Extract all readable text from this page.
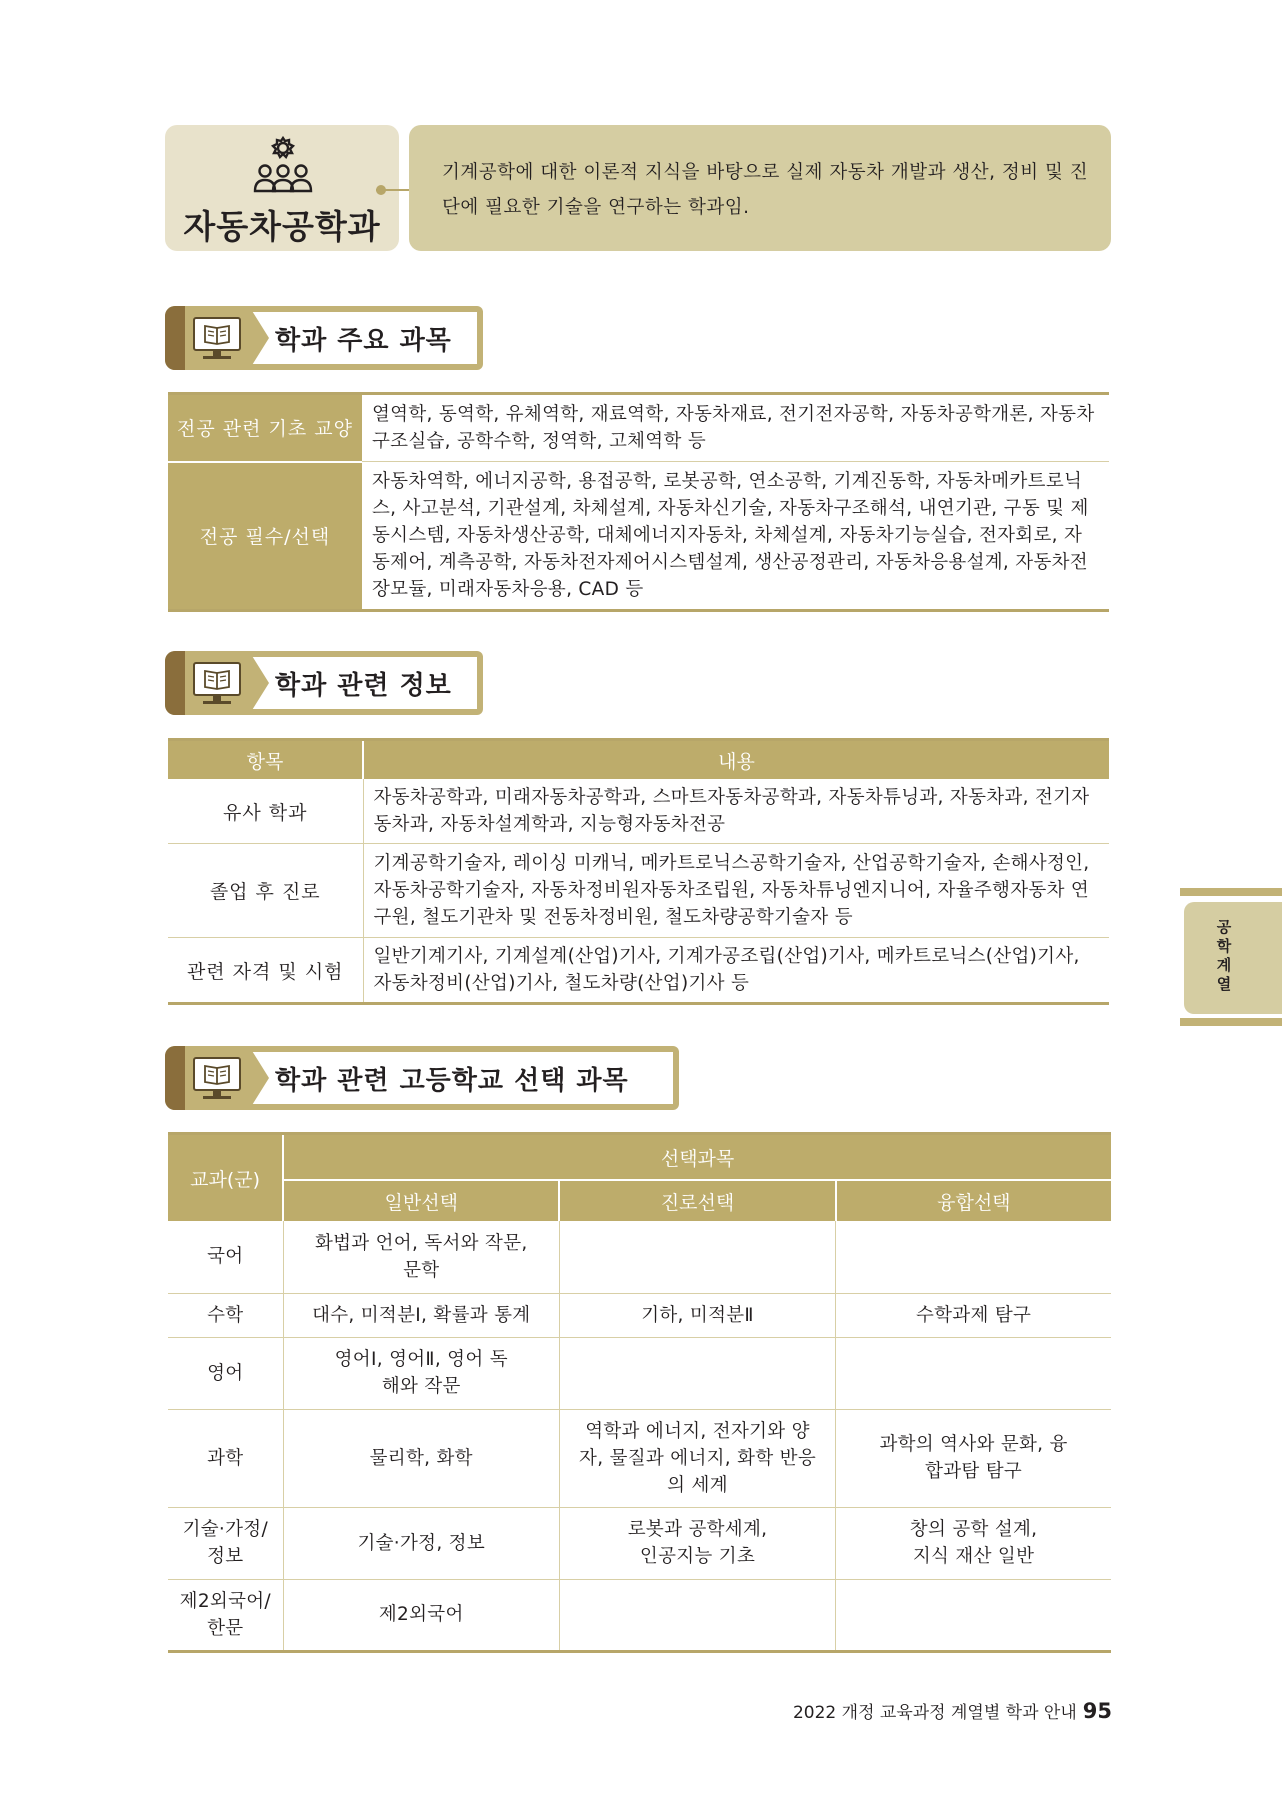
자동차공학과
기계공학에 대한 이론적 지식을 바탕으로 실제 자동차 개발과 생산, 정비 및 진단에 필요한 기술을 연구하는 학과임.
학과 주요 과목
전공 관련 기초 교양	열역학, 동역학, 유체역학, 재료역학, 자동차재료, 전기전자공학, 자동차공학개론, 자동차구조실습, 공학수학, 정역학, 고체역학 등
전공 필수/선택	자동차역학, 에너지공학, 용접공학, 로봇공학, 연소공학, 기계진동학, 자동차메카트로닉스, 사고분석, 기관설계, 차체설계, 자동차신기술, 자동차구조해석, 내연기관, 구동 및 제동시스템, 자동차생산공학, 대체에너지자동차, 차체설계, 자동차기능실습, 전자회로, 자동제어, 계측공학, 자동차전자제어시스템설계, 생산공정관리, 자동차응용설계, 자동차전장모듈, 미래자동차응용, CAD 등
학과 관련 정보
항목	내용
유사 학과	자동차공학과, 미래자동차공학과, 스마트자동차공학과, 자동차튜닝과, 자동차과, 전기자동차과, 자동차설계학과, 지능형자동차전공
졸업 후 진로	기계공학기술자, 레이싱 미캐닉, 메카트로닉스공학기술자, 산업공학기술자, 손해사정인, 자동차공학기술자, 자동차정비원자동차조립원, 자동차튜닝엔지니어, 자율주행자동차 연구원, 철도기관차 및 전동차정비원, 철도차량공학기술자 등
관련 자격 및 시험	일반기계기사, 기계설계(산업)기사, 기계가공조립(산업)기사, 메카트로닉스(산업)기사, 자동차정비(산업)기사, 철도차량(산업)기사 등
학과 관련 고등학교 선택 과목
교과(군)	선택과목		
	일반선택	진로선택	융합선택
국어	화법과 언어, 독서와 작문, 문학		
수학	대수, 미적분Ⅰ, 확률과 통계	기하, 미적분Ⅱ	수학과제 탐구
영어	영어Ⅰ, 영어Ⅱ, 영어 독해와 작문		
과학	물리학, 화학	역학과 에너지, 전자기와 양자, 물질과 에너지, 화학 반응의 세계	과학의 역사와 문화, 융합과탐 탐구
기술·가정/ 정보	기술·가정, 정보	로봇과 공학세계, 인공지능 기초	창의 공학 설계, 지식 재산 일반
제2외국어/ 한문	제2외국어		
공학 계열
2022 개정 교육과정 계열별 학과 안내 95
